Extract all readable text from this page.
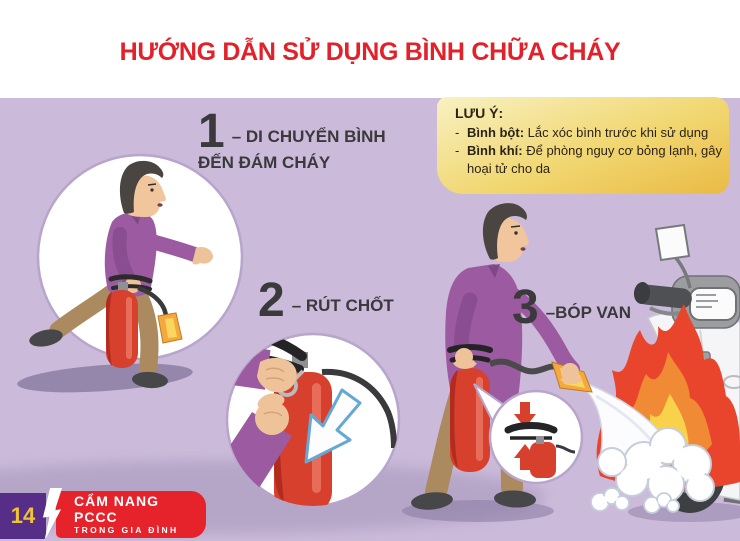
HƯỚNG DẪN SỬ DỤNG BÌNH CHỮA CHÁY
LƯU Ý:
- Bình bột: Lắc xóc bình trước khi sử dụng
- Bình khí: Để phòng nguy cơ bỏng lạnh, gây hoại tử cho da
1 – DI CHUYỂN BÌNH
ĐẾN ĐÁM CHÁY
2 – RÚT CHỐT 3 –BÓP VAN
14
CẨM NANG PCCC
TRONG GIA ĐÌNH
